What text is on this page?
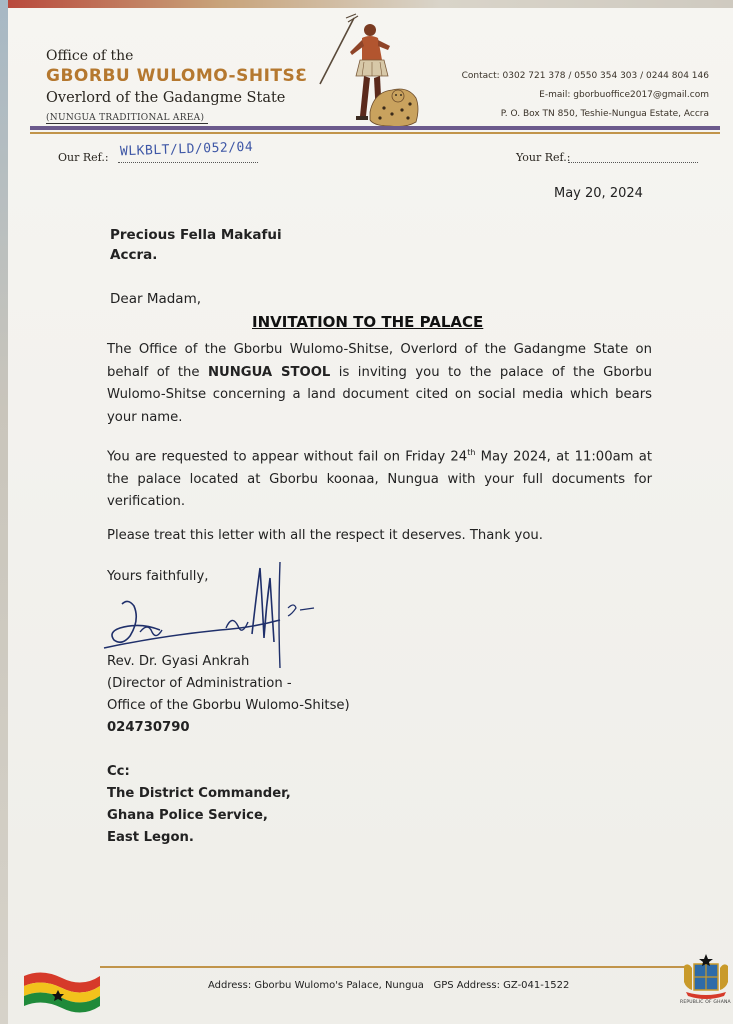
Office of the
GBORBU WULOMO-SHITSƐ
Overlord of the Gadangme State
(NUNGUA TRADITIONAL AREA)
Contact: 0302 721 378 / 0550 354 303 / 0244 804 146
E-mail: gborbuoffice2017@gmail.com
P. O. Box TN 850, Teshie-Nungua Estate, Accra
Our Ref.: WLKBLT/LD/052/04	Your Ref.:
May 20, 2024
Precious Fella Makafui
Accra.
Dear Madam,
INVITATION TO THE PALACE
The Office of the Gborbu Wulomo-Shitse, Overlord of the Gadangme State on behalf of the NUNGUA STOOL is inviting you to the palace of the Gborbu Wulomo-Shitse concerning a land document cited on social media which bears your name.
You are requested to appear without fail on Friday 24th May 2024, at 11:00am at the palace located at Gborbu koonaa, Nungua with your full documents for verification.
Please treat this letter with all the respect it deserves. Thank you.
Yours faithfully,
Rev. Dr. Gyasi Ankrah
(Director of Administration -
Office of the Gborbu Wulomo-Shitse)
024730790
Cc:
The District Commander,
Ghana Police Service,
East Legon.
Address: Gborbu Wulomo's Palace, Nungua GPS Address: GZ-041-1522
REPUBLIC OF GHANA
